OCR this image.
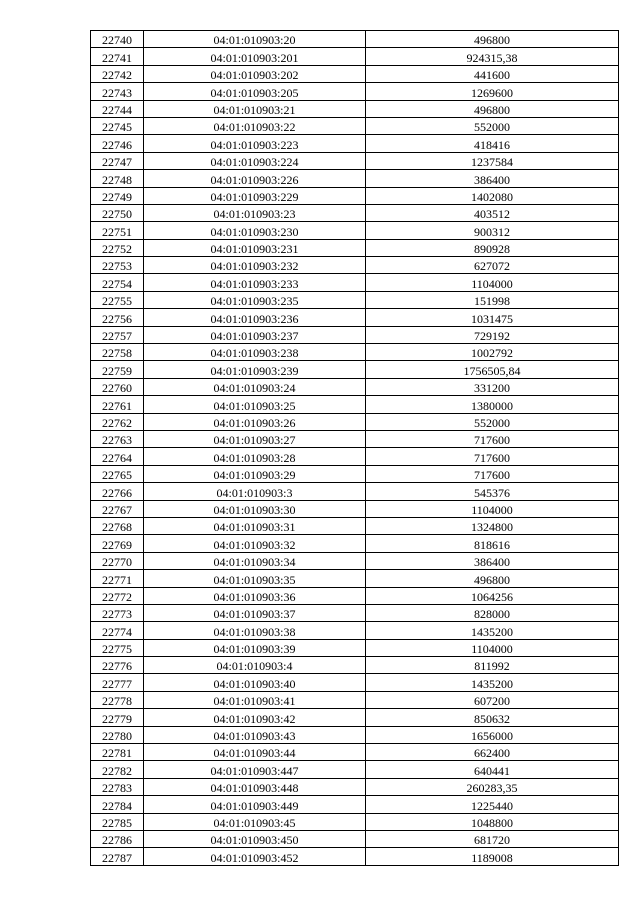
22740	04:01:010903:20	496800
22741	04:01:010903:201	924315,38
22742	04:01:010903:202	441600
22743	04:01:010903:205	1269600
22744	04:01:010903:21	496800
22745	04:01:010903:22	552000
22746	04:01:010903:223	418416
22747	04:01:010903:224	1237584
22748	04:01:010903:226	386400
22749	04:01:010903:229	1402080
22750	04:01:010903:23	403512
22751	04:01:010903:230	900312
22752	04:01:010903:231	890928
22753	04:01:010903:232	627072
22754	04:01:010903:233	1104000
22755	04:01:010903:235	151998
22756	04:01:010903:236	1031475
22757	04:01:010903:237	729192
22758	04:01:010903:238	1002792
22759	04:01:010903:239	1756505,84
22760	04:01:010903:24	331200
22761	04:01:010903:25	1380000
22762	04:01:010903:26	552000
22763	04:01:010903:27	717600
22764	04:01:010903:28	717600
22765	04:01:010903:29	717600
22766	04:01:010903:3	545376
22767	04:01:010903:30	1104000
22768	04:01:010903:31	1324800
22769	04:01:010903:32	818616
22770	04:01:010903:34	386400
22771	04:01:010903:35	496800
22772	04:01:010903:36	1064256
22773	04:01:010903:37	828000
22774	04:01:010903:38	1435200
22775	04:01:010903:39	1104000
22776	04:01:010903:4	811992
22777	04:01:010903:40	1435200
22778	04:01:010903:41	607200
22779	04:01:010903:42	850632
22780	04:01:010903:43	1656000
22781	04:01:010903:44	662400
22782	04:01:010903:447	640441
22783	04:01:010903:448	260283,35
22784	04:01:010903:449	1225440
22785	04:01:010903:45	1048800
22786	04:01:010903:450	681720
22787	04:01:010903:452	1189008
